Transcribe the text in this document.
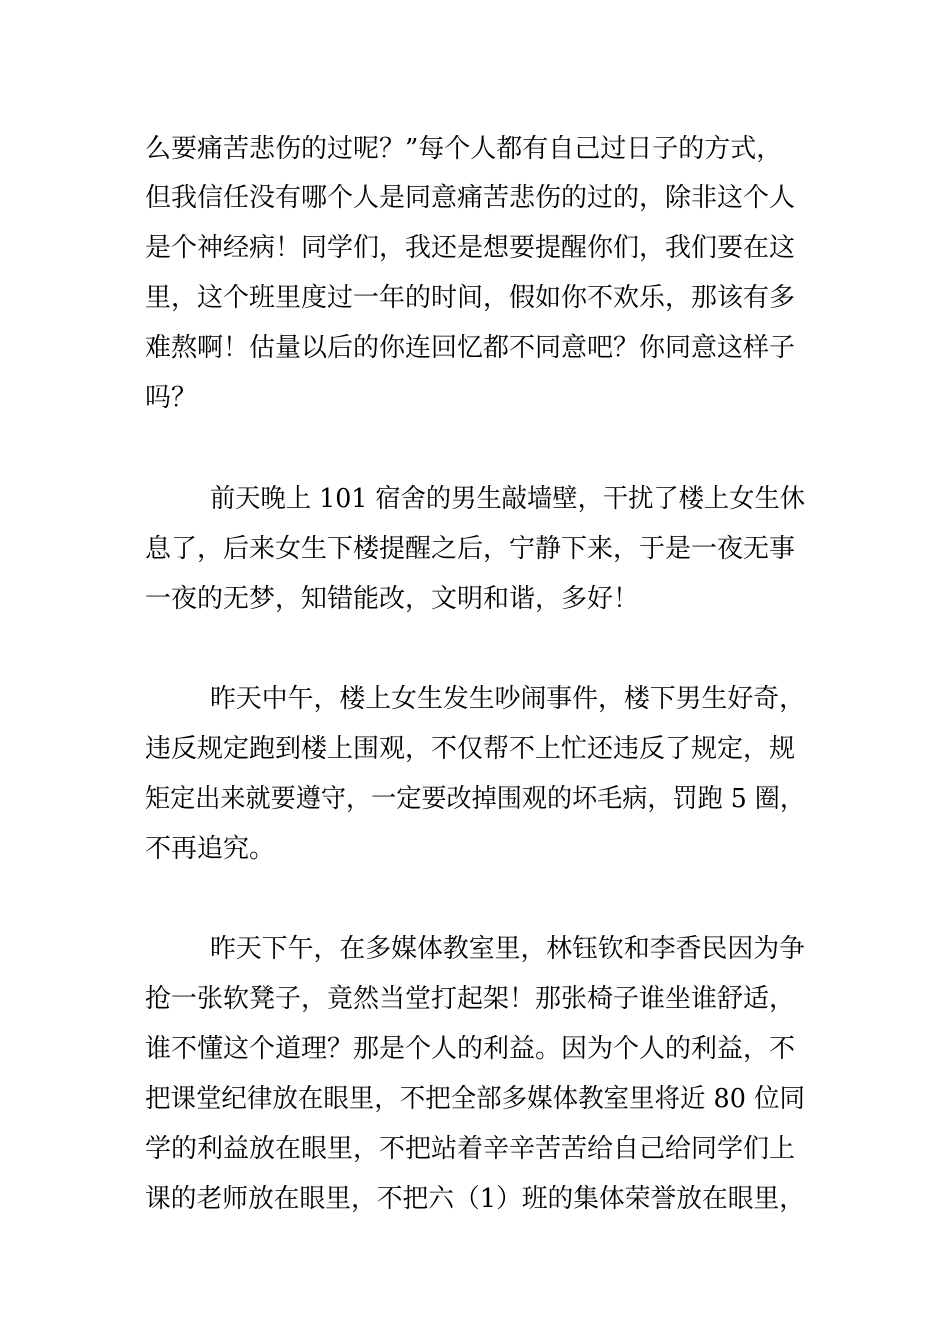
么要痛苦悲伤的过呢？”每个人都有自己过日子的方式，
但我信任没有哪个人是同意痛苦悲伤的过的，除非这个人
是个神经病！同学们，我还是想要提醒你们，我们要在这
里，这个班里度过一年的时间，假如你不欢乐，那该有多
难熬啊！估量以后的你连回忆都不同意吧？你同意这样子
吗？
前天晚上 101 宿舍的男生敲墙壁，干扰了楼上女生休
息了，后来女生下楼提醒之后，宁静下来，于是一夜无事
一夜的无梦，知错能改，文明和谐，多好！
昨天中午，楼上女生发生吵闹事件，楼下男生好奇，
违反规定跑到楼上围观，不仅帮不上忙还违反了规定，规
矩定出来就要遵守，一定要改掉围观的坏毛病，罚跑 5 圈，
不再追究。
昨天下午，在多媒体教室里，林钰钦和李香民因为争
抢一张软凳子，竟然当堂打起架！那张椅子谁坐谁舒适，
谁不懂这个道理？那是个人的利益。因为个人的利益，不
把课堂纪律放在眼里，不把全部多媒体教室里将近 80 位同
学的利益放在眼里，不把站着辛辛苦苦给自己给同学们上
课的老师放在眼里，不把六（1）班的集体荣誉放在眼里，
